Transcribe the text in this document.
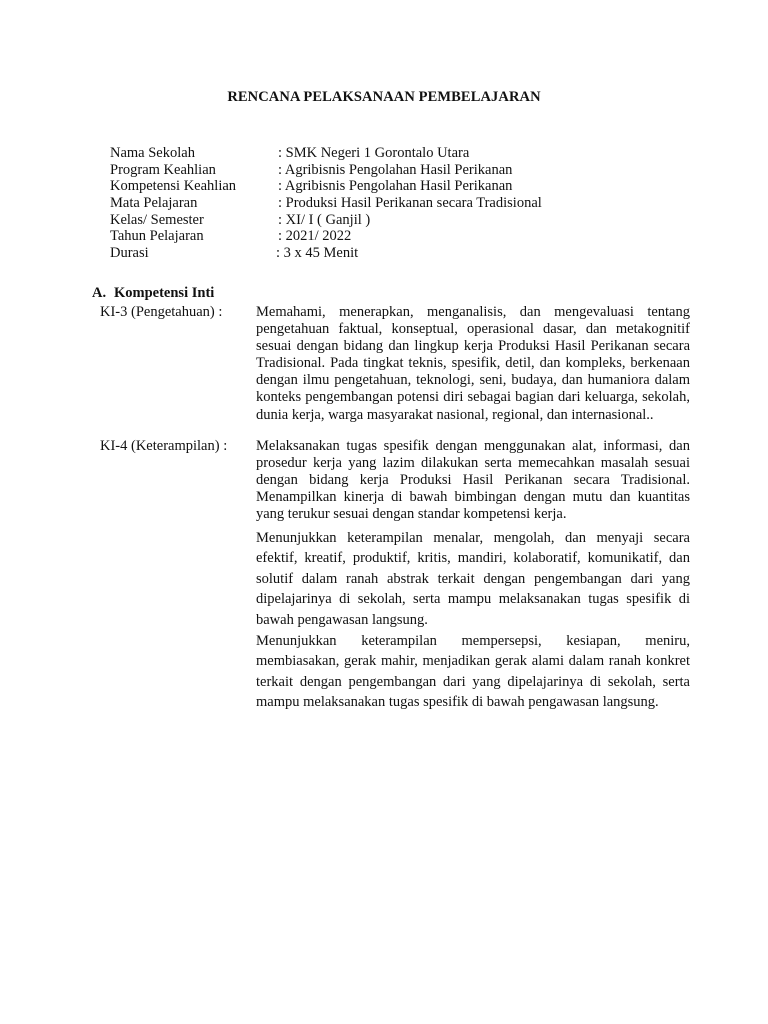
RENCANA PELAKSANAAN PEMBELAJARAN
Nama Sekolah	: SMK Negeri 1 Gorontalo Utara
Program Keahlian	: Agribisnis Pengolahan Hasil Perikanan
Kompetensi Keahlian	: Agribisnis Pengolahan Hasil Perikanan
Mata Pelajaran	: Produksi Hasil Perikanan secara Tradisional
Kelas/ Semester	: XI/ I ( Ganjil )
Tahun Pelajaran	: 2021/ 2022
Durasi	: 3 x 45 Menit
A. Kompetensi Inti
KI-3 (Pengetahuan) : Memahami, menerapkan, menganalisis, dan mengevaluasi tentang pengetahuan faktual, konseptual, operasional dasar, dan metakognitif sesuai dengan bidang dan lingkup kerja Produksi Hasil Perikanan secara Tradisional. Pada tingkat teknis, spesifik, detil, dan kompleks, berkenaan dengan ilmu pengetahuan, teknologi, seni, budaya, dan humaniora dalam konteks pengembangan potensi diri sebagai bagian dari keluarga, sekolah, dunia kerja, warga masyarakat nasional, regional, dan internasional..
KI-4 (Keterampilan) : Melaksanakan tugas spesifik dengan menggunakan alat, informasi, dan prosedur kerja yang lazim dilakukan serta memecahkan masalah sesuai dengan bidang kerja Produksi Hasil Perikanan secara Tradisional. Menampilkan kinerja di bawah bimbingan dengan mutu dan kuantitas yang terukur sesuai dengan standar kompetensi kerja.
Menunjukkan keterampilan menalar, mengolah, dan menyaji secara efektif, kreatif, produktif, kritis, mandiri, kolaboratif, komunikatif, dan solutif dalam ranah abstrak terkait dengan pengembangan dari yang dipelajarinya di sekolah, serta mampu melaksanakan tugas spesifik di bawah pengawasan langsung.
Menunjukkan keterampilan mempersepsi, kesiapan, meniru, membiasakan, gerak mahir, menjadikan gerak alami dalam ranah konkret terkait dengan pengembangan dari yang dipelajarinya di sekolah, serta mampu melaksanakan tugas spesifik di bawah pengawasan langsung.
